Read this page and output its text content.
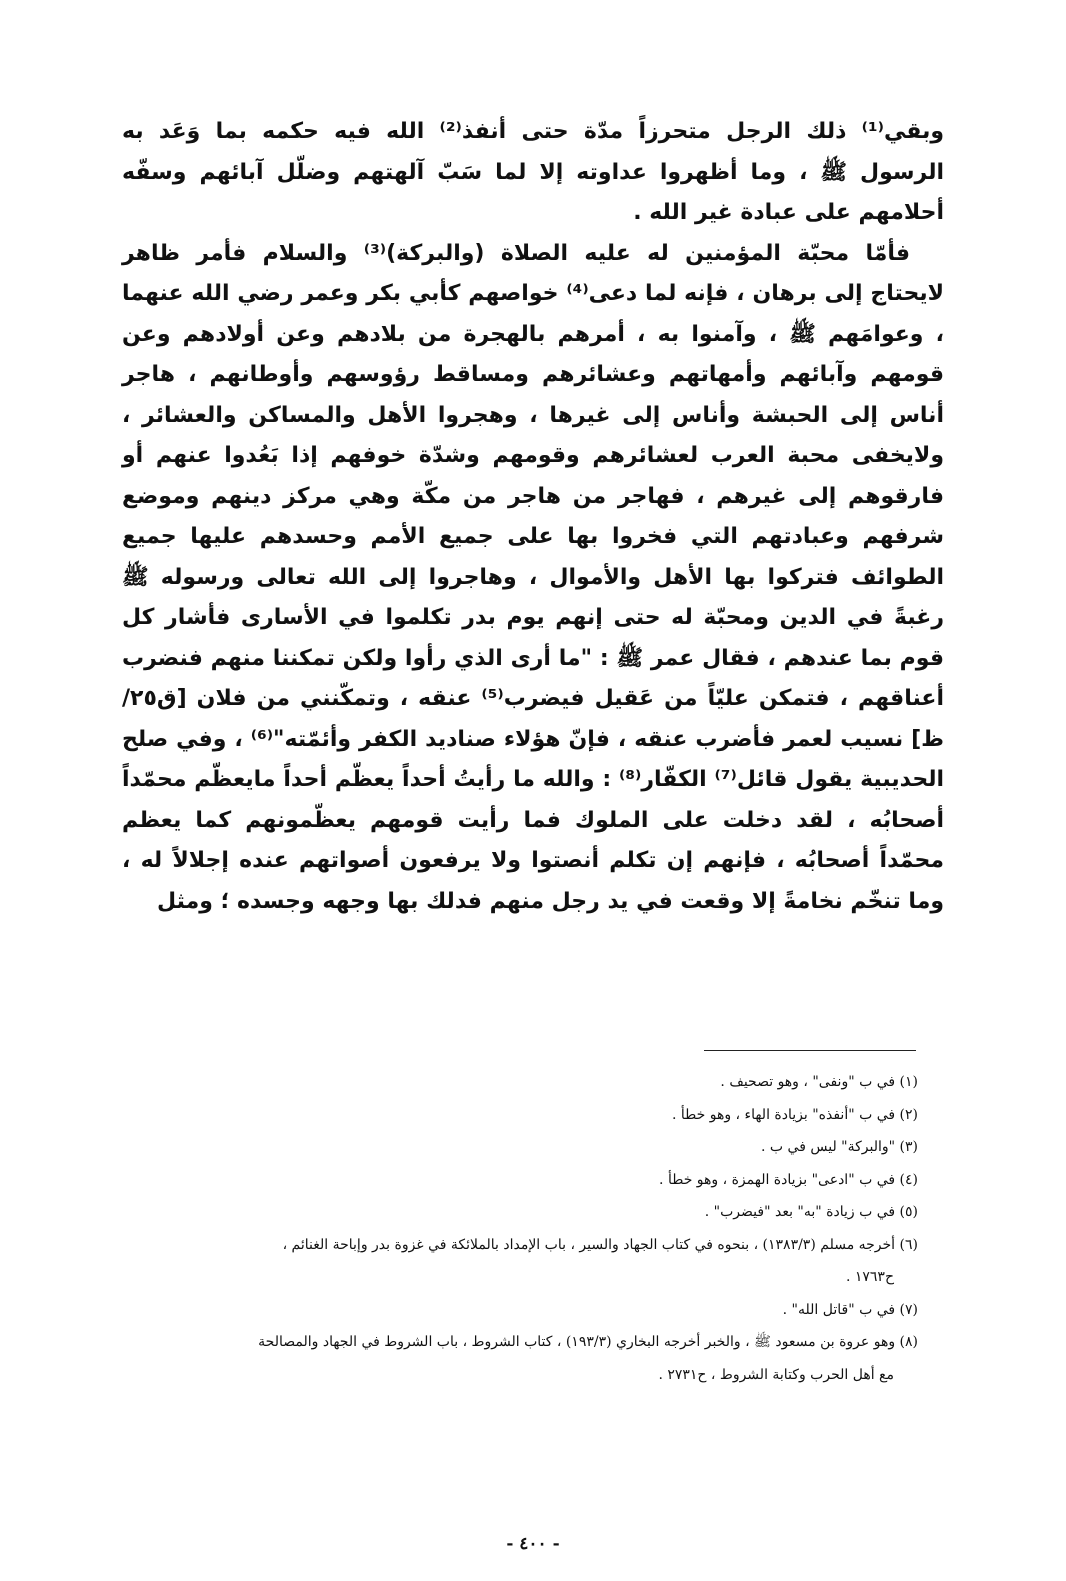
وبقي⁽¹⁾ ذلك الرجل متحرزاً مدّة حتى أنفذ⁽²⁾ الله فيه حكمه بما وَعَد به الرسول ﷺ ، وما أظهروا عداوته إلا لما سَبّ آلهتهم وضلّل آبائهم وسفّه أحلامهم على عبادة غير الله .

فأمّا محبّة المؤمنين له عليه الصلاة (والبركة)⁽³⁾ والسلام فأمر ظاهر لايحتاج إلى برهان ، فإنه لما دعى⁽⁴⁾ خواصهم كأبي بكر وعمر رضي الله عنهما ، وعوامَهم ﷺ ، وآمنوا به ، أمرهم بالهجرة من بلادهم وعن أولادهم وعن قومهم وآبائهم وأمهاتهم وعشائرهم ومساقط رؤوسهم وأوطانهم ، هاجر أناس إلى الحبشة وأناس إلى غيرها ، وهجروا الأهل والمساكن والعشائر ، ولايخفى محبة العرب لعشائرهم وقومهم وشدّة خوفهم إذا بَعُدوا عنهم أو فارقوهم إلى غيرهم ، فهاجر من هاجر من مكّة وهي مركز دينهم وموضع شرفهم وعبادتهم التي فخروا بها على جميع الأمم وحسدهم عليها جميع الطوائف فتركوا بها الأهل والأموال ، وهاجروا إلى الله تعالى ورسوله ﷺ رغبةً في الدين ومحبّة له حتى إنهم يوم بدر تكلموا في الأسارى فأشار كل قوم بما عندهم ، فقال عمر ﷺ : "ما أرى الذي رأوا ولكن تمكننا منهم فنضرب أعناقهم ، فتمكن عليّاً من عَقيل فيضرب⁽⁵⁾ عنقه ، وتمكّنني من فلان [ق٢٥/ظ] نسيب لعمر فأضرب عنقه ، فإنّ هؤلاء صناديد الكفر وأئمّته"⁽⁶⁾ ، وفي صلح الحديبية يقول قائل⁽⁷⁾ الكفّار⁽⁸⁾ : والله ما رأيتُ أحداً يعظّم أحداً مايعظّم محمّداً أصحابُه ، لقد دخلت على الملوك فما رأيت قومهم يعظّمونهم كما يعظم محمّداً أصحابُه ، فإنهم إن تكلم أنصتوا ولا يرفعون أصواتهم عنده إجلالاً له ، وما تنخّم نخامةً إلا وقعت في يد رجل منهم فدلك بها وجهه وجسده ؛ ومثل

(١) في ب "ونفى" ، وهو تصحيف .
(٢) في ب "أنفذه" بزيادة الهاء ، وهو خطأ .
(٣) "والبركة" ليس في ب .
(٤) في ب "ادعى" بزيادة الهمزة ، وهو خطأ .
(٥) في ب زيادة "به" بعد "فيضرب" .
(٦) أخرجه مسلم (١٣٨٣/٣) ، بنحوه في كتاب الجهاد والسير ، باب الإمداد بالملائكة في غزوة بدر وإباحة الغنائم ،
ح١٧٦٣ .
(٧) في ب "قاتل الله" .
(٨) وهو عروة بن مسعود ﷺ ، والخبر أخرجه البخاري (١٩٣/٣) ، كتاب الشروط ، باب الشروط في الجهاد والمصالحة
مع أهل الحرب وكتابة الشروط ، ح٢٧٣١ .
- ٤٠٠ -
